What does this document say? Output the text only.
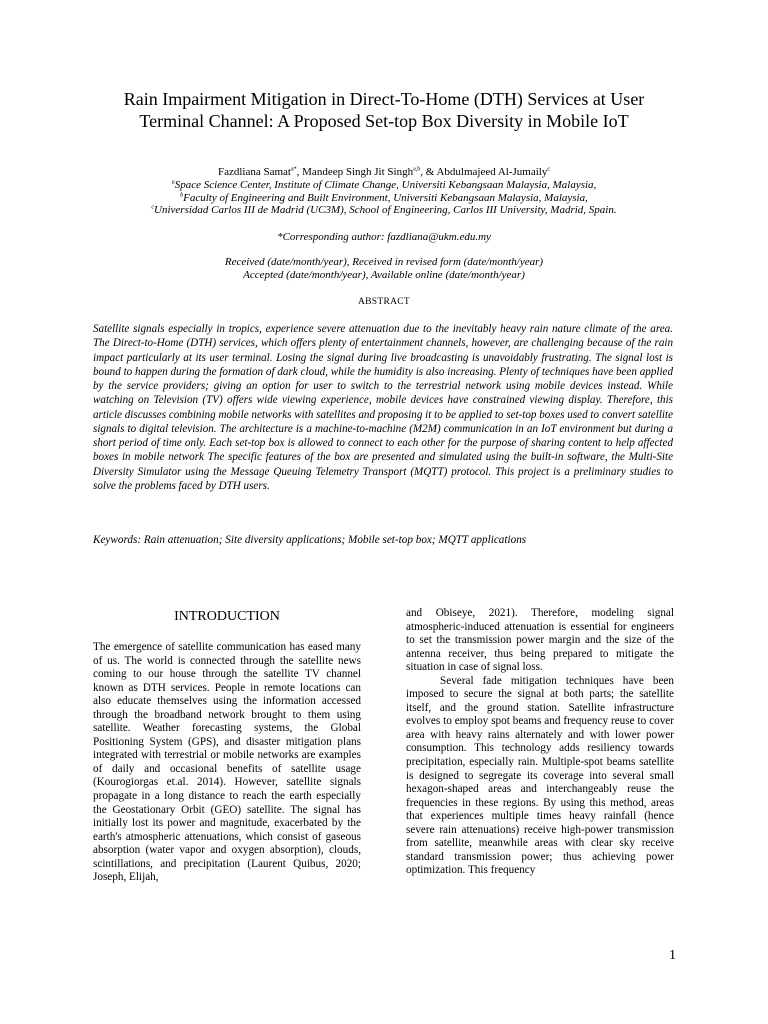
Rain Impairment Mitigation in Direct-To-Home (DTH) Services at User
Terminal Channel: A Proposed Set-top Box Diversity in Mobile IoT
Fazdliana Samat$^{a*}$, Mandeep Singh Jit Singh$^{a,b}$, & Abdulmajeed Al-Jumaily$^c$
$^a$Space Science Center, Institute of Climate Change, Universiti Kebangsaan Malaysia, Malaysia,
$^b$Faculty of Engineering and Built Environment, Universiti Kebangsaan Malaysia, Malaysia,
$^c$Universidad Carlos III de Madrid (UC3M), School of Engineering, Carlos III University, Madrid, Spain.
*Corresponding author: fazdliana@ukm.edu.my
Received (date/month/year), Received in revised form (date/month/year)
Accepted (date/month/year), Available online (date/month/year)
ABSTRACT
Satellite signals especially in tropics, experience severe attenuation due to the inevitably heavy rain nature climate of the area. The Direct-to-Home (DTH) services, which offers plenty of entertainment channels, however, are challenging because of the rain impact particularly at its user terminal. Losing the signal during live broadcasting is unavoidably frustrating. The signal lost is bound to happen during the formation of dark cloud, while the humidity is also increasing. Plenty of techniques have been applied by the service providers; giving an option for user to switch to the terrestrial network using mobile devices instead. While watching on Television (TV) offers wide viewing experience, mobile devices have constrained viewing display. Therefore, this article discusses combining mobile networks with satellites and proposing it to be applied to set-top boxes used to convert satellite signals to digital television. The architecture is a machine-to-machine (M2M) communication in an IoT environment but during a short period of time only. Each set-top box is allowed to connect to each other for the purpose of sharing content to help affected boxes in mobile network The specific features of the box are presented and simulated using the built-in software, the Multi-Site Diversity Simulator using the Message Queuing Telemetry Transport (MQTT) protocol. This project is a preliminary studies to solve the problems faced by DTH users.
Keywords: Rain attenuation; Site diversity applications; Mobile set-top box; MQTT applications
INTRODUCTION

The emergence of satellite communication has eased many of us. The world is connected through the satellite news coming to our house through the satellite TV channel known as DTH services. People in remote locations can also educate themselves using the information accessed through the broadband network brought to them using satellite. Weather forecasting systems, the Global Positioning System (GPS), and disaster mitigation plans integrated with terrestrial or mobile networks are examples of daily and occasional benefits of satellite usage (Kourogiorgas et.al. 2014). However, satellite signals propagate in a long distance to reach the earth especially the Geostationary Orbit (GEO) satellite. The signal has initially lost its power and magnitude, exacerbated by the earth's atmospheric attenuations, which consist of gaseous absorption (water vapor and oxygen absorption), clouds, scintillations, and precipitation (Laurent Quibus, 2020; Joseph, Elijah,

and Obiseye, 2021). Therefore, modeling signal atmospheric-induced attenuation is essential for engineers to set the transmission power margin and the size of the antenna receiver, thus being prepared to mitigate the situation in case of signal loss.

Several fade mitigation techniques have been imposed to secure the signal at both parts; the satellite itself, and the ground station. Satellite infrastructure evolves to employ spot beams and frequency reuse to cover area with heavy rains alternately and with lower power consumption. This technology adds resiliency towards precipitation, especially rain. Multiple-spot beams satellite is designed to segregate its coverage into several small hexagon-shaped areas and interchangeably reuse the frequencies in these regions. By using this method, areas that experiences multiple times heavy rainfall (hence severe rain attenuations) receive high-power transmission from satellite, meanwhile areas with clear sky receive standard transmission power; thus achieving power optimization. This frequency

1
